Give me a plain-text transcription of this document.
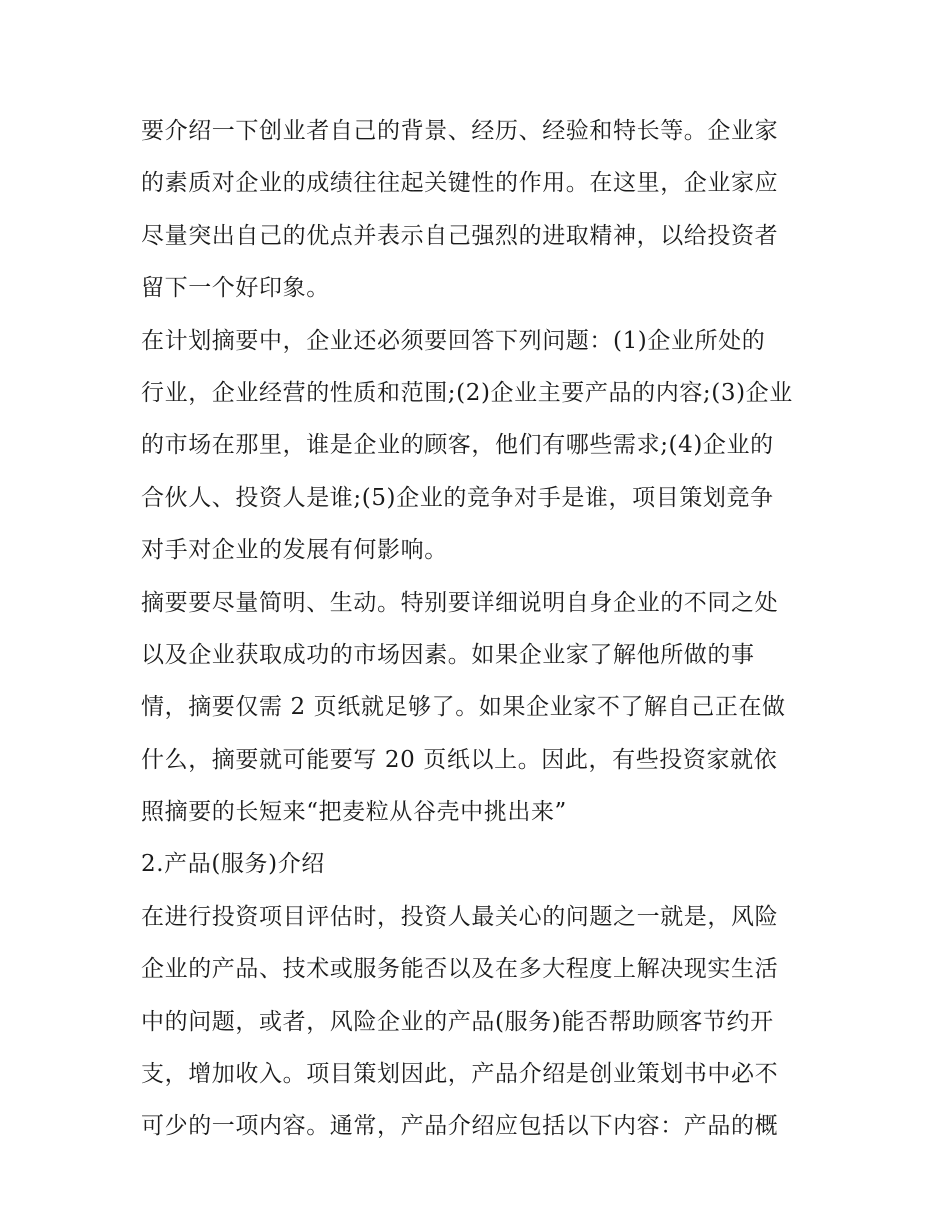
要介绍一下创业者自己的背景、经历、经验和特长等。企业家
的素质对企业的成绩往往起关键性的作用。在这里，企业家应
尽量突出自己的优点并表示自己强烈的进取精神，以给投资者
留下一个好印象。
在计划摘要中，企业还必须要回答下列问题：(1)企业所处的
行业，企业经营的性质和范围;(2)企业主要产品的内容;(3)企业
的市场在那里，谁是企业的顾客，他们有哪些需求;(4)企业的
合伙人、投资人是谁;(5)企业的竞争对手是谁，项目策划竞争
对手对企业的发展有何影响。
摘要要尽量简明、生动。特别要详细说明自身企业的不同之处
以及企业获取成功的市场因素。如果企业家了解他所做的事
情，摘要仅需 2 页纸就足够了。如果企业家不了解自己正在做
什么，摘要就可能要写 20 页纸以上。因此，有些投资家就依
照摘要的长短来“把麦粒从谷壳中挑出来”
2.产品(服务)介绍
在进行投资项目评估时，投资人最关心的问题之一就是，风险
企业的产品、技术或服务能否以及在多大程度上解决现实生活
中的问题，或者，风险企业的产品(服务)能否帮助顾客节约开
支，增加收入。项目策划因此，产品介绍是创业策划书中必不
可少的一项内容。通常，产品介绍应包括以下内容：产品的概
